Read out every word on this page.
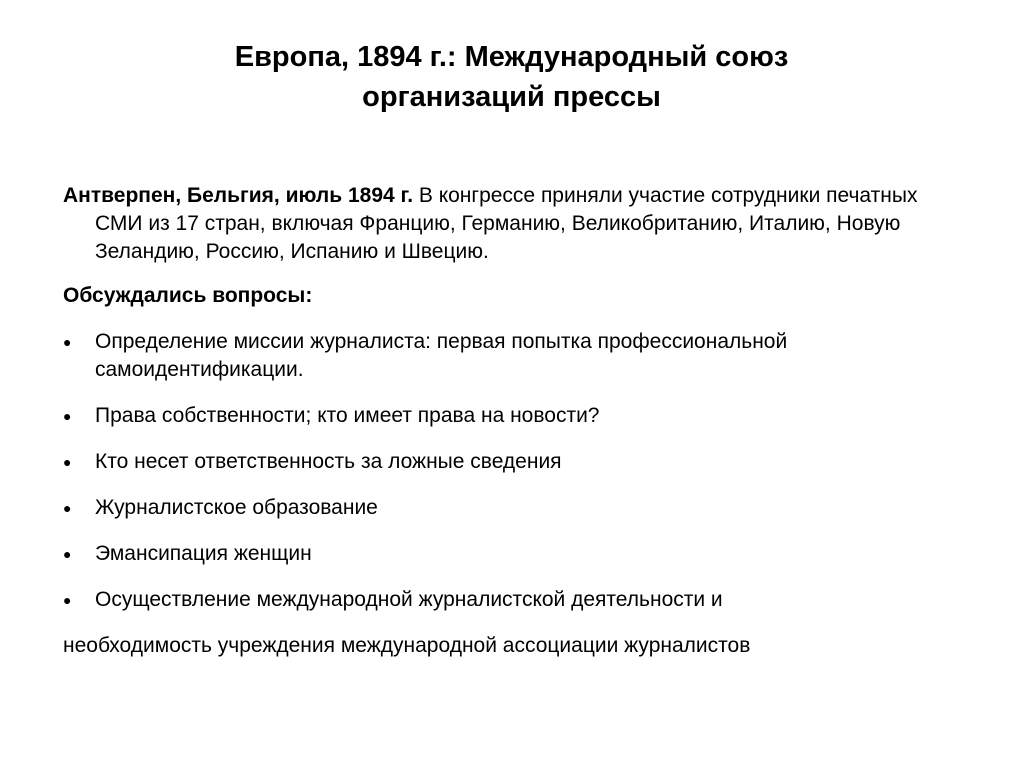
Европа, 1894 г.: Международный союз
организаций прессы

Антверпен, Бельгия, июль 1894 г. В конгрессе приняли участие сотрудники печатных СМИ из 17 стран, включая Францию, Германию, Великобританию, Италию, Новую Зеландию, Россию, Испанию и Швецию.

Обсуждались вопросы:

● Определение миссии журналиста: первая попытка профессиональной самоидентификации.
● Права собственности; кто имеет права на новости?
● Кто несет ответственность за ложные сведения
● Журналистское образование
● Эмансипация женщин
● Осуществление международной журналистской деятельности и

необходимость учреждения международной ассоциации журналистов
